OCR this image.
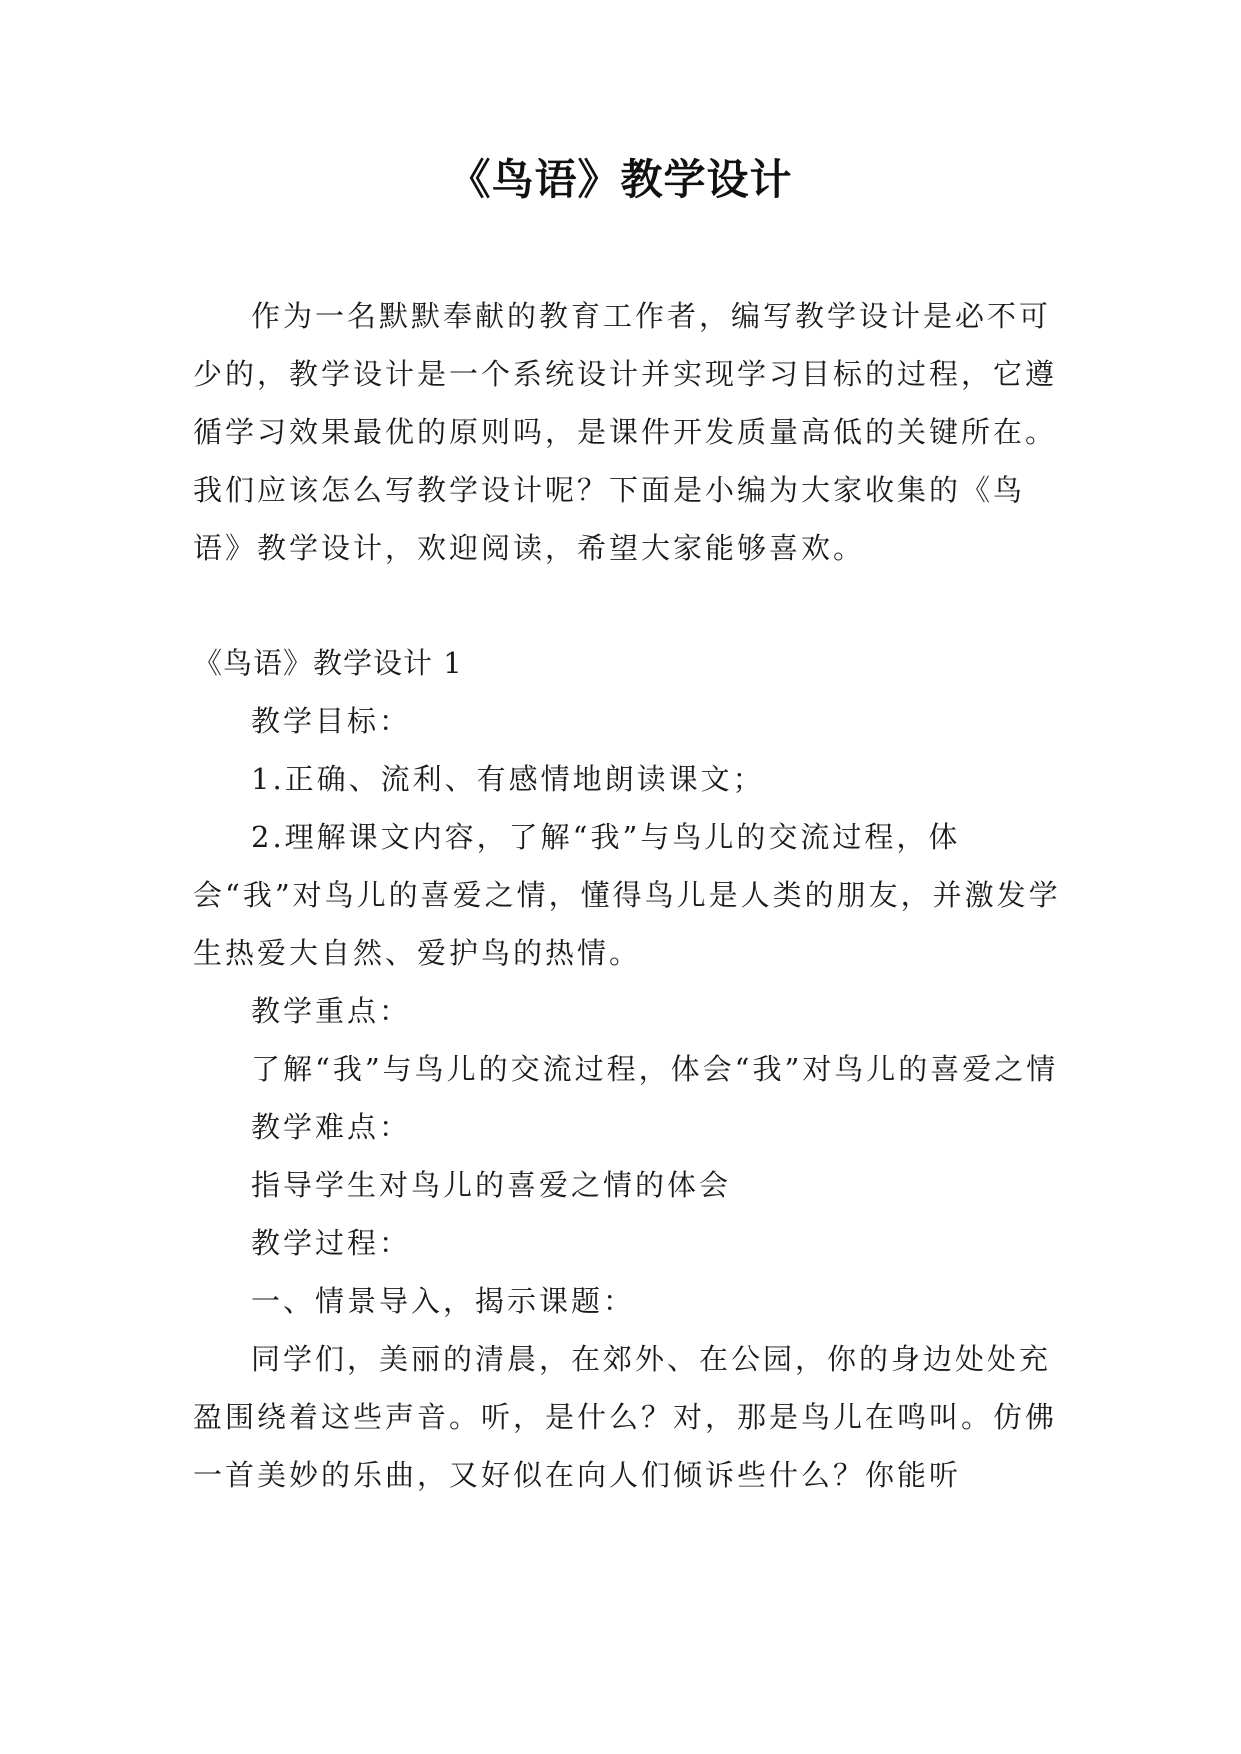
《鸟语》教学设计

作为一名默默奉献的教育工作者，编写教学设计是必不可少的，教学设计是一个系统设计并实现学习目标的过程，它遵循学习效果最优的原则吗，是课件开发质量高低的关键所在。我们应该怎么写教学设计呢？下面是小编为大家收集的《鸟语》教学设计，欢迎阅读，希望大家能够喜欢。

《鸟语》教学设计 1

教学目标：

1.正确、流利、有感情地朗读课文；

2.理解课文内容，了解“我”与鸟儿的交流过程，体会“我”对鸟儿的喜爱之情，懂得鸟儿是人类的朋友，并激发学生热爱大自然、爱护鸟的热情。

教学重点：

了解“我”与鸟儿的交流过程，体会“我”对鸟儿的喜爱之情

教学难点：

指导学生对鸟儿的喜爱之情的体会

教学过程：

一、情景导入，揭示课题：

同学们，美丽的清晨，在郊外、在公园，你的身边处处充盈围绕着这些声音。听，是什么？对，那是鸟儿在鸣叫。仿佛一首美妙的乐曲，又好似在向人们倾诉些什么？你能听
